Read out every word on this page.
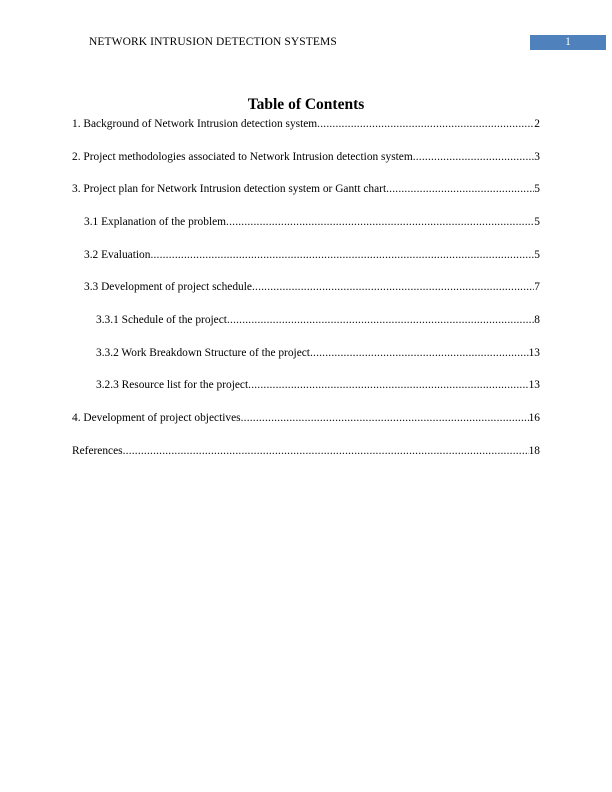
NETWORK INTRUSION DETECTION SYSTEMS	1
Table of Contents
1. Background of Network Intrusion detection system .....	2
2. Project methodologies associated to Network Intrusion detection system .....	3
3. Project plan for Network Intrusion detection system or Gantt chart .....	5
3.1 Explanation of the problem .....	5
3.2 Evaluation .....	5
3.3 Development of project schedule .....	7
3.3.1 Schedule of the project .....	8
3.3.2 Work Breakdown Structure of the project .....	13
3.2.3 Resource list for the project .....	13
4. Development of project objectives .....	16
References .....	18
